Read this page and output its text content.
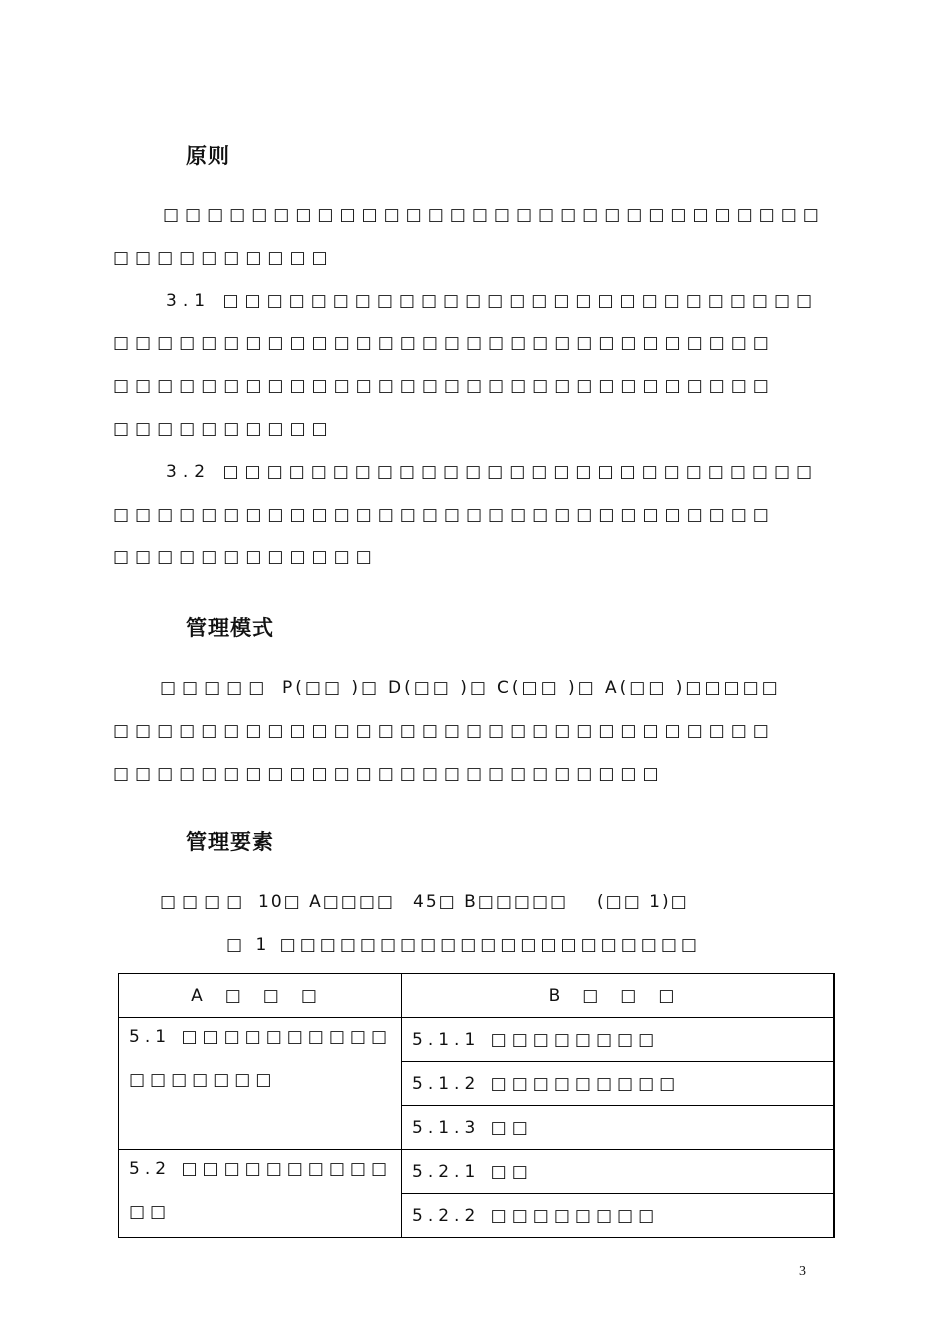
原则
□□□□□□□□□□□□□□□□□□□□□□□□□□□□□□
□□□□□□□□□□
3.1 □□□□□□□□□□□□□□□□□□□□□□□□□□□
□□□□□□□□□□□□□□□□□□□□□□□□□□□□□□
□□□□□□□□□□□□□□□□□□□□□□□□□□□□□□
□□□□□□□□□□
3.2 □□□□□□□□□□□□□□□□□□□□□□□□□□□
□□□□□□□□□□□□□□□□□□□□□□□□□□□□□□
□□□□□□□□□□□□
管理模式
□□□□□ P(□□ )□ D(□□ )□ C(□□ )□ A(□□ )□□□□□
□□□□□□□□□□□□□□□□□□□□□□□□□□□□□□
□□□□□□□□□□□□□□□□□□□□□□□□□
管理要素
□□□□ 10□ A□□□□ 45□ B□□□□□ (□□ 1)□
□ 1 □□□□□□□□□□□□□□□□□□□□□
A□□□	B□□□

5.1 □□□□□□□□□□
□□□□□□□	5.1.1 □□□□□□□□
	5.1.2 □□□□□□□□□
	5.1.3 □□

5.2 □□□□□□□□□□
□□	5.2.1 □□
	5.2.2 □□□□□□□□
3
